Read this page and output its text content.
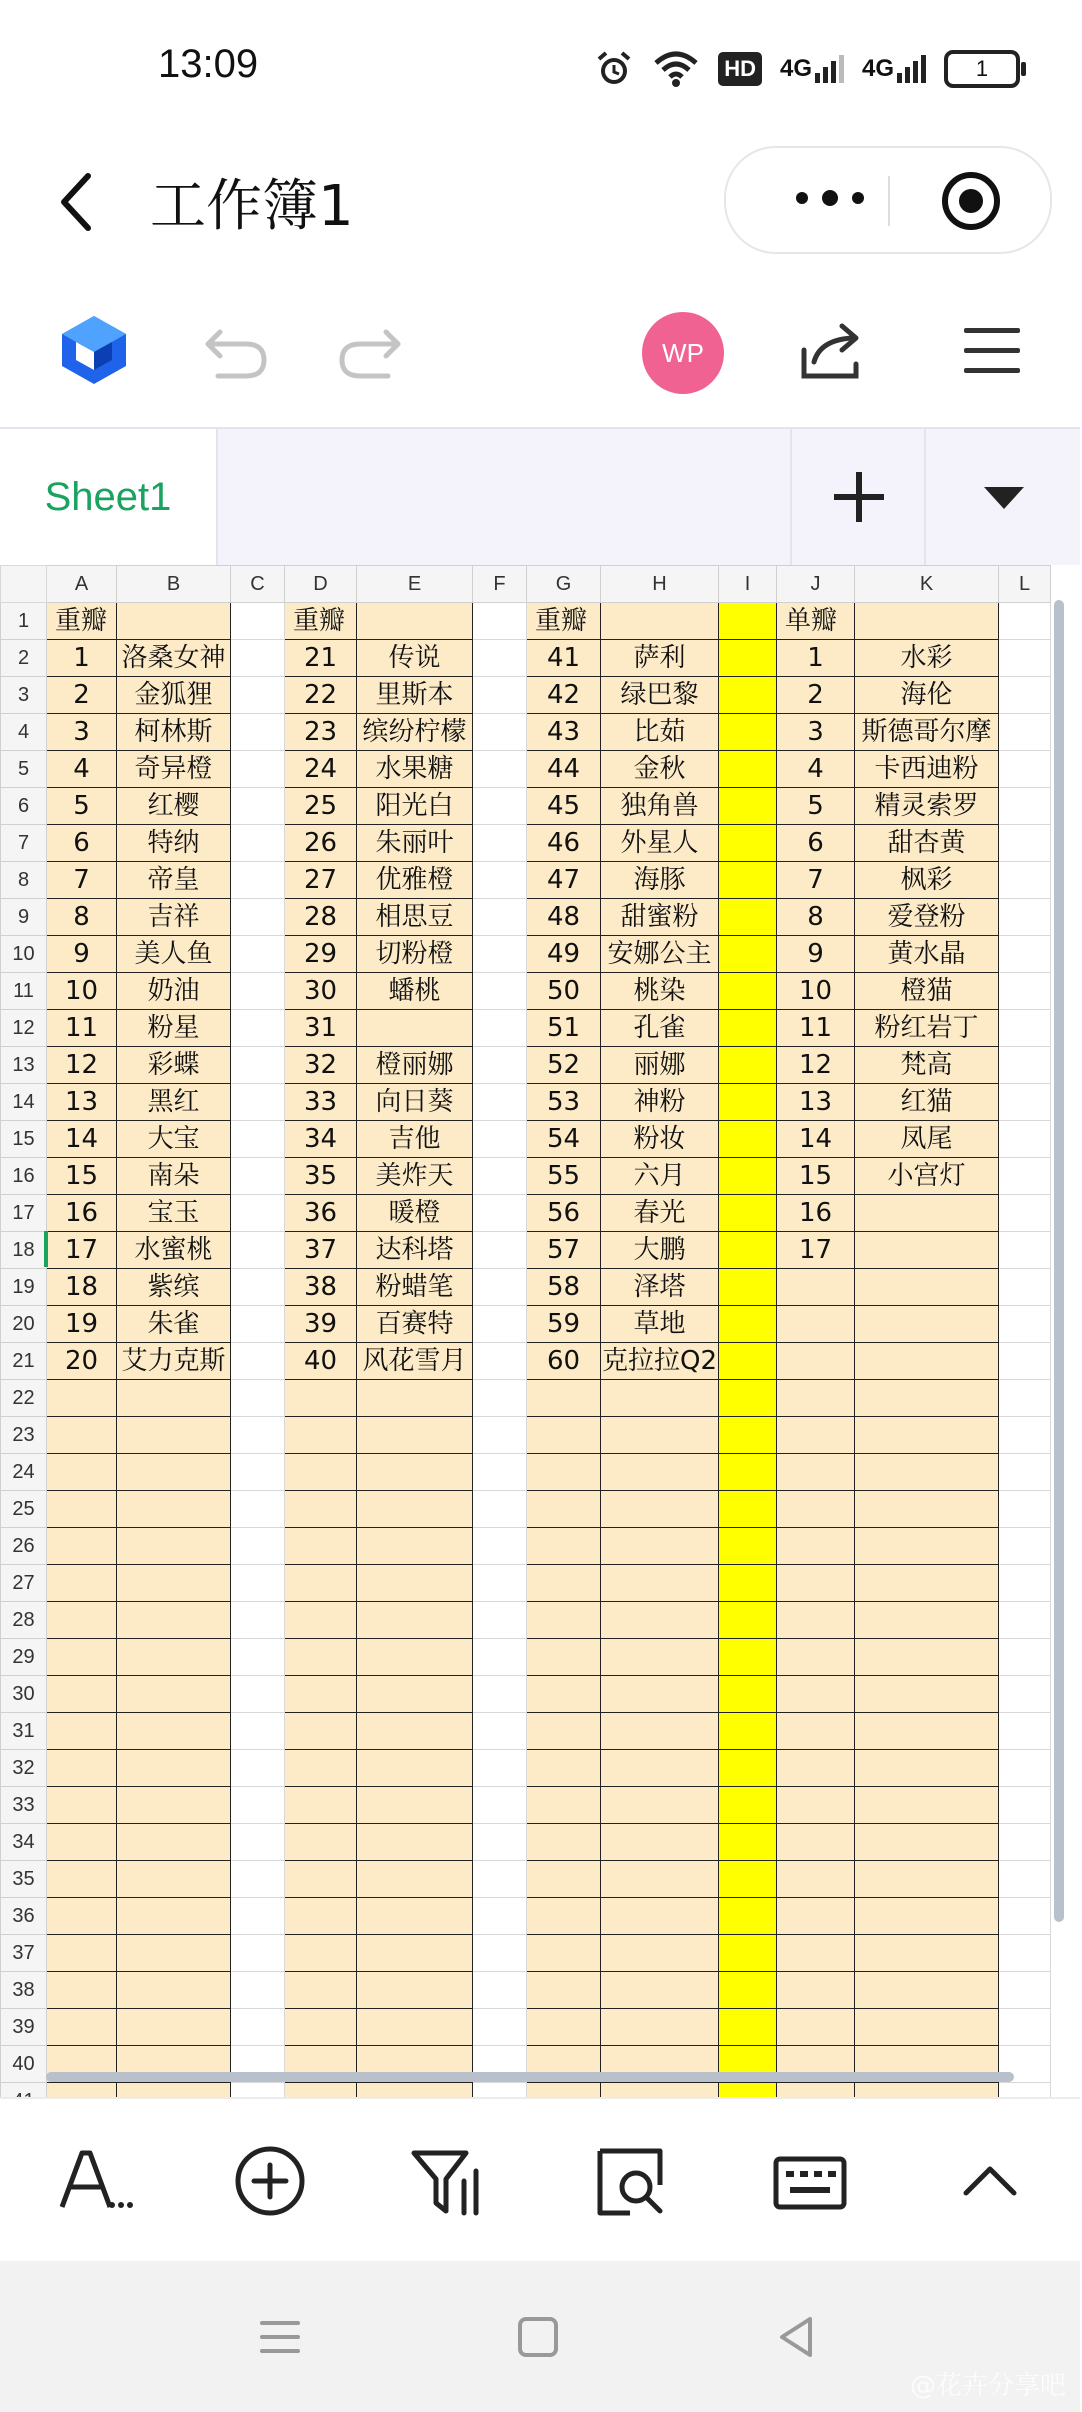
13:09	HD 4G 4G	1
工作簿1
WP
Sheet1
	A	B	C	D	E	F	G	H	I	J	K	L
1	重瓣			重瓣			重瓣			单瓣		
2	1	洛桑女神		21	传说		41	萨利		1	水彩	
3	2	金狐狸		22	里斯本		42	绿巴黎		2	海伦	
4	3	柯林斯		23	缤纷柠檬		43	比茹		3	斯德哥尔摩	
5	4	奇异橙		24	水果糖		44	金秋		4	卡西迪粉	
6	5	红樱		25	阳光白		45	独角兽		5	精灵索罗	
7	6	特纳		26	朱丽叶		46	外星人		6	甜杏黄	
8	7	帝皇		27	优雅橙		47	海豚		7	枫彩	
9	8	吉祥		28	相思豆		48	甜蜜粉		8	爱登粉	
10	9	美人鱼		29	切粉橙		49	安娜公主		9	黄水晶	
11	10	奶油		30	蟠桃		50	桃染		10	橙猫	
12	11	粉星		31			51	孔雀		11	粉红岩丁	
13	12	彩蝶		32	橙丽娜		52	丽娜		12	梵高	
14	13	黑红		33	向日葵		53	神粉		13	红猫	
15	14	大宝		34	吉他		54	粉妆		14	凤尾	
16	15	南朵		35	美炸天		55	六月		15	小宫灯	
17	16	宝玉		36	暖橙		56	春光		16		
18	17	水蜜桃		37	达科塔		57	大鹏		17		
19	18	紫缤		38	粉蜡笔		58	泽塔				
20	19	朱雀		39	百赛特		59	草地				
21	20	艾力克斯		40	风花雪月		60	克拉拉Q2				
22												
23												
24												
25												
26												
27												
28												
29												
30												
31												
32												
33												
34												
35												
36												
37												
38												
39												
40												

@花卉分享吧
